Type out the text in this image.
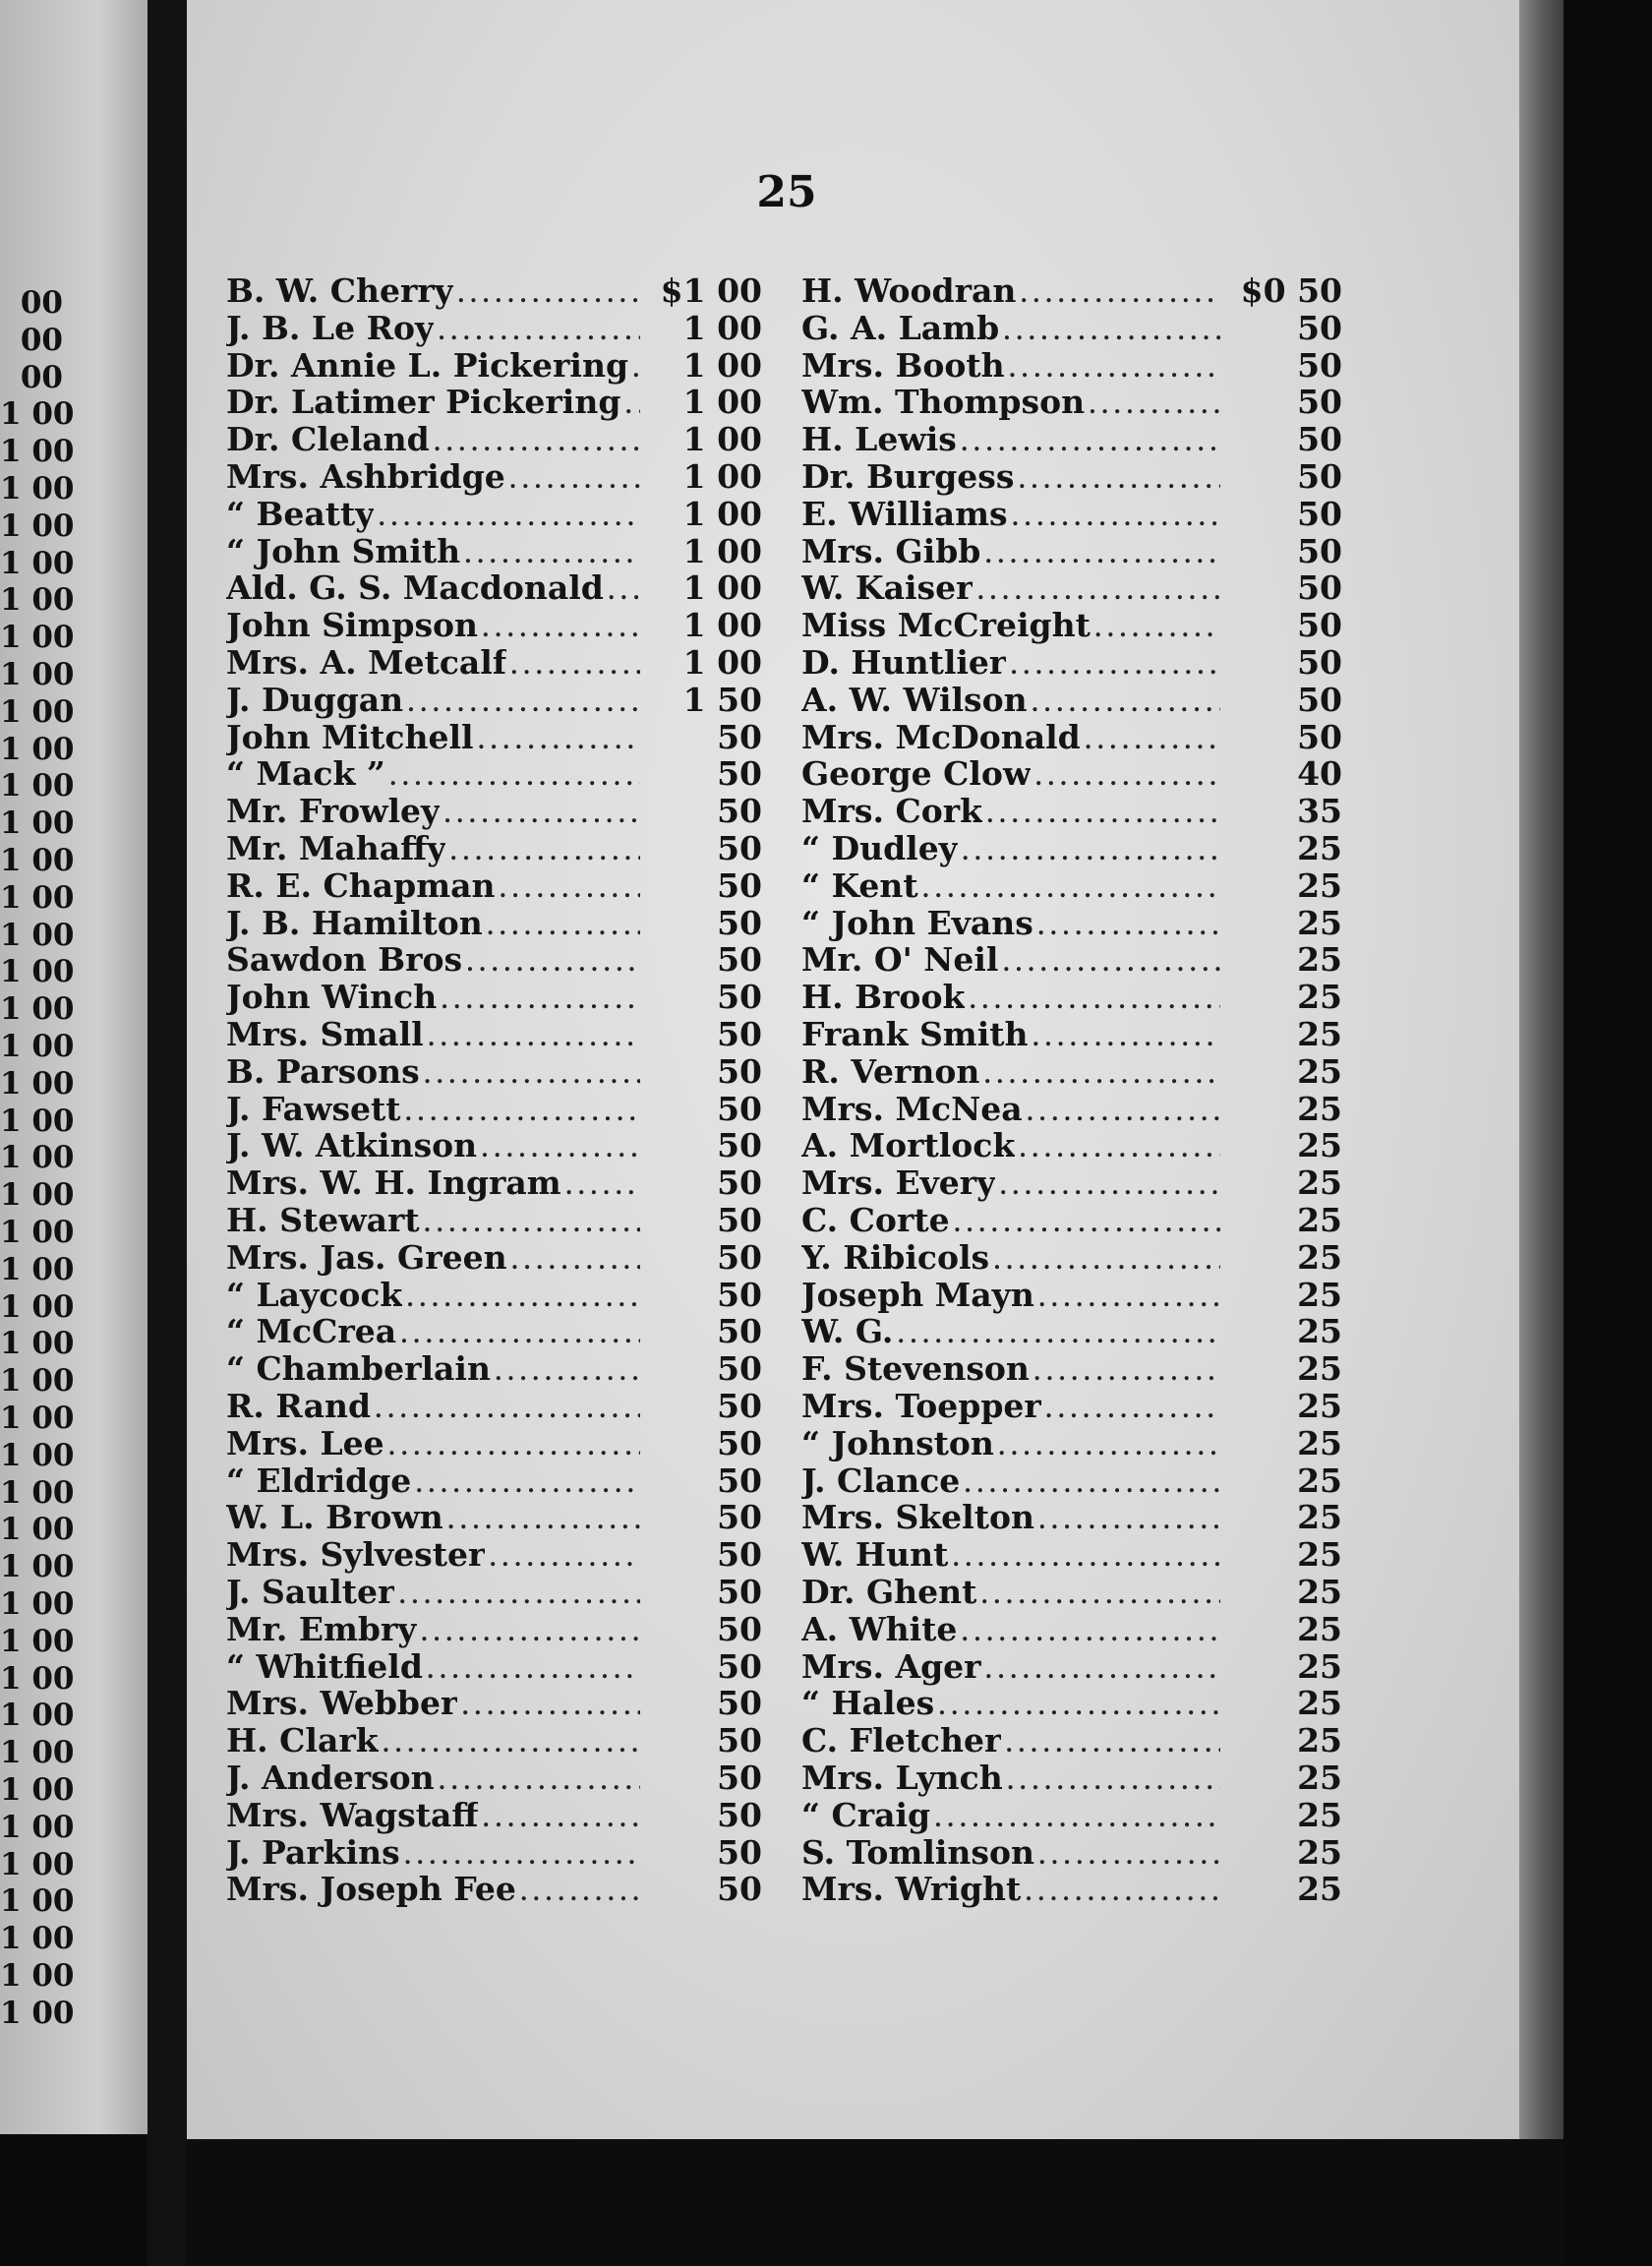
00
00
00
1 00
1 00
1 00
1 00
1 00
1 00
1 00
1 00
1 00
1 00
1 00
1 00
1 00
1 00
1 00
1 00
1 00
1 00
1 00
1 00
1 00
1 00
1 00
1 00
1 00
1 00
1 00
1 00
1 00
1 00
1 00
1 00
1 00
1 00
1 00
1 00
1 00
1 00
1 00
1 00
1 00
1 00
1 00
1 00
25
B. W. Cherry .....	$1 00
J. B. Le Roy .....	1 00
Dr. Annie L. Pickering .....	1 00
Dr. Latimer Pickering .....	1 00
Dr. Cleland .....	1 00
Mrs. Ashbridge .....	1 00
“ Beatty .....	1 00
“ John Smith .....	1 00
Ald. G. S. Macdonald .....	1 00
John Simpson .....	1 00
Mrs. A. Metcalf .....	1 00
J. Duggan .....	1 50
John Mitchell .....	50
“ Mack ” .....	50
Mr. Frowley .....	50
Mr. Mahaffy .....	50
R. E. Chapman .....	50
J. B. Hamilton .....	50
Sawdon Bros .....	50
John Winch .....	50
Mrs. Small .....	50
B. Parsons .....	50
J. Fawsett .....	50
J. W. Atkinson .....	50
Mrs. W. H. Ingram .....	50
H. Stewart .....	50
Mrs. Jas. Green .....	50
“ Laycock .....	50
“ McCrea .....	50
“ Chamberlain .....	50
R. Rand .....	50
Mrs. Lee .....	50
“ Eldridge .....	50
W. L. Brown .....	50
Mrs. Sylvester .....	50
J. Saulter .....	50
Mr. Embry .....	50
“ Whitfield .....	50
Mrs. Webber .....	50
H. Clark .....	50
J. Anderson .....	50
Mrs. Wagstaff .....	50
J. Parkins .....	50
Mrs. Joseph Fee .....	50
H. Woodran .....	$0 50
G. A. Lamb .....	50
Mrs. Booth .....	50
Wm. Thompson .....	50
H. Lewis .....	50
Dr. Burgess .....	50
E. Williams .....	50
Mrs. Gibb .....	50
W. Kaiser .....	50
Miss McCreight .....	50
D. Huntlier .....	50
A. W. Wilson .....	50
Mrs. McDonald .....	50
George Clow .....	40
Mrs. Cork .....	35
“ Dudley .....	25
“ Kent .....	25
“ John Evans .....	25
Mr. O' Neil .....	25
H. Brook .....	25
Frank Smith .....	25
R. Vernon .....	25
Mrs. McNea .....	25
A. Mortlock .....	25
Mrs. Every .....	25
C. Corte .....	25
Y. Ribicols .....	25
Joseph Mayn .....	25
W. G. .....	25
F. Stevenson .....	25
Mrs. Toepper .....	25
“ Johnston .....	25
J. Clance .....	25
Mrs. Skelton .....	25
W. Hunt .....	25
Dr. Ghent .....	25
A. White .....	25
Mrs. Ager .....	25
“ Hales .....	25
C. Fletcher .....	25
Mrs. Lynch .....	25
“ Craig .....	25
S. Tomlinson .....	25
Mrs. Wright .....	25
